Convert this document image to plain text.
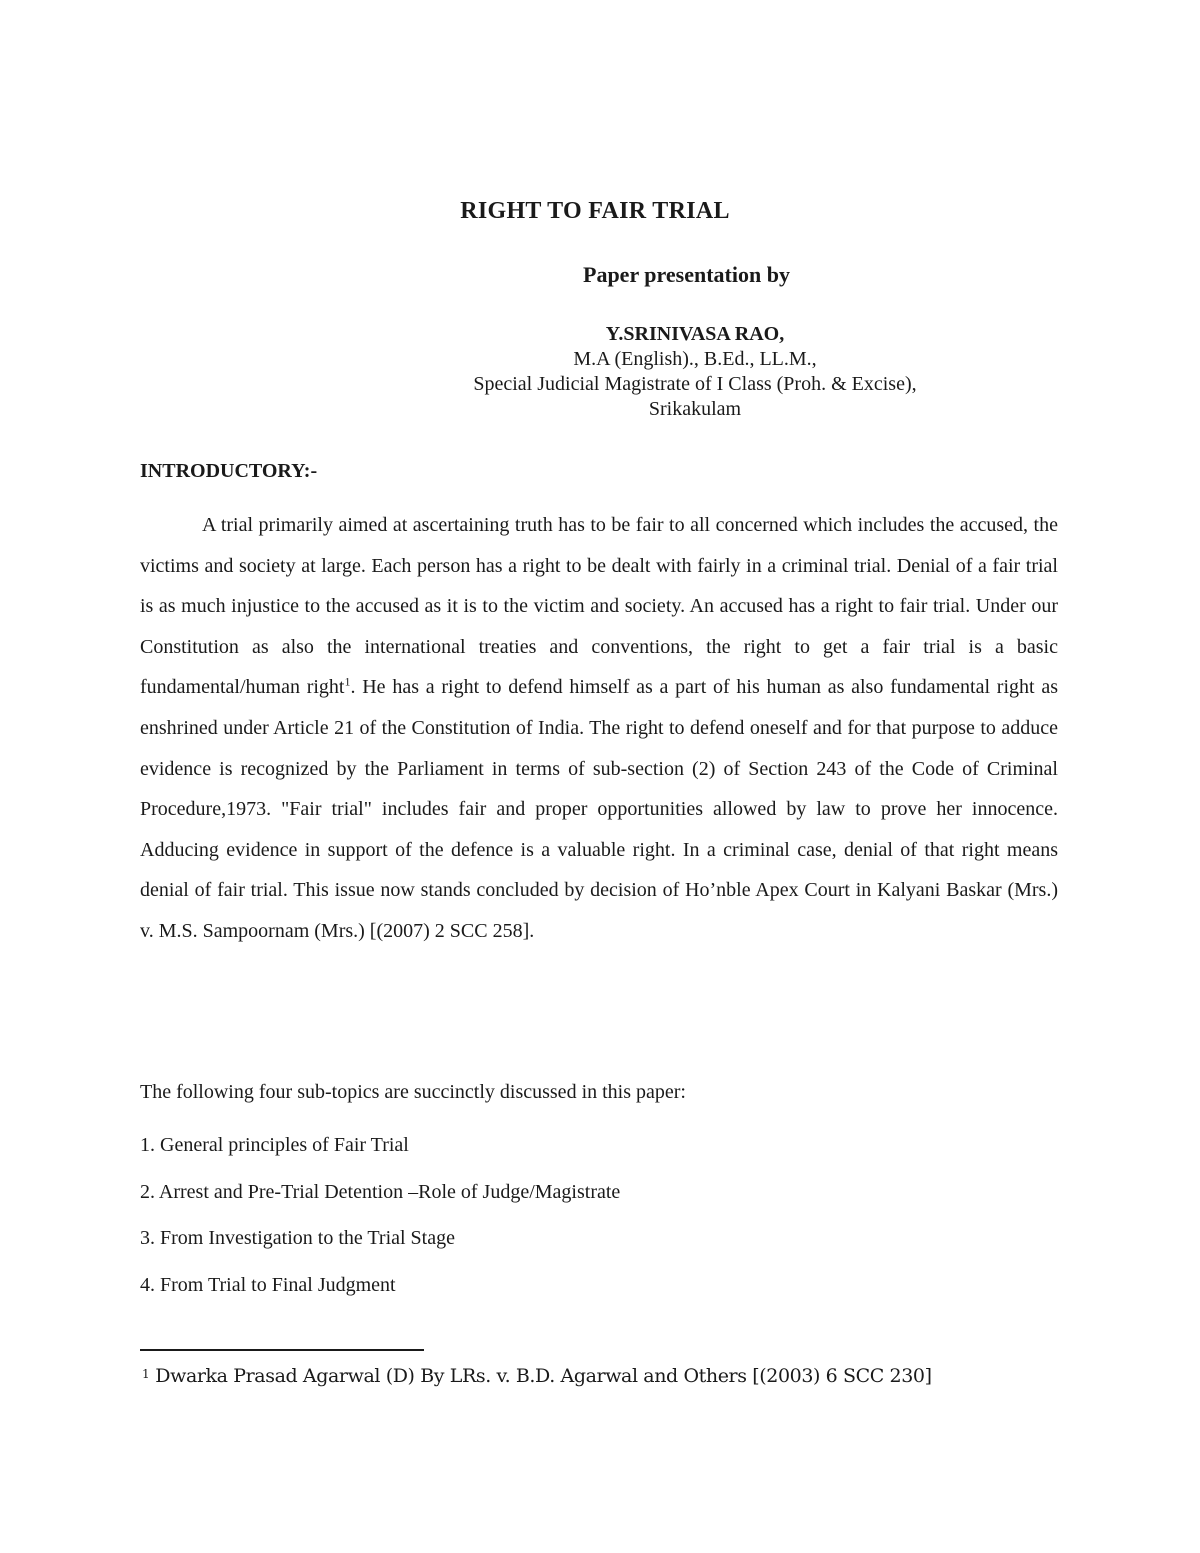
RIGHT TO FAIR TRIAL
Paper presentation by
Y.SRINIVASA RAO,
M.A (English)., B.Ed., LL.M.,
Special Judicial Magistrate of I Class (Proh. & Excise),
Srikakulam
INTRODUCTORY:-

A trial primarily aimed at ascertaining truth has to be fair to all concerned which includes the accused, the victims and society at large. Each person has a right to be dealt with fairly in a criminal trial. Denial of a fair trial is as much injustice to the accused as it is to the victim and society. An accused has a right to fair trial. Under our Constitution as also the international treaties and conventions, the right to get a fair trial is a basic fundamental/human right$^1$. He has a right to defend himself as a part of his human as also fundamental right as enshrined under Article 21 of the Constitution of India. The right to defend oneself and for that purpose to adduce evidence is recognized by the Parliament in terms of sub-section (2) of Section 243 of the Code of Criminal Procedure,1973. "Fair trial" includes fair and proper opportunities allowed by law to prove her innocence. Adducing evidence in support of the defence is a valuable right. In a criminal case, denial of that right means denial of fair trial. This issue now stands concluded by decision of Ho’nble Apex Court in Kalyani Baskar (Mrs.) v. M.S. Sampoornam (Mrs.) [(2007) 2 SCC 258].

The following four sub-topics are succinctly discussed in this paper:
1. General principles of Fair Trial
2. Arrest and Pre-Trial Detention –Role of Judge/Magistrate
3. From Investigation to the Trial Stage
4. From Trial to Final Judgment
$^1$ Dwarka Prasad Agarwal (D) By LRs. v. B.D. Agarwal and Others [(2003) 6 SCC 230]
